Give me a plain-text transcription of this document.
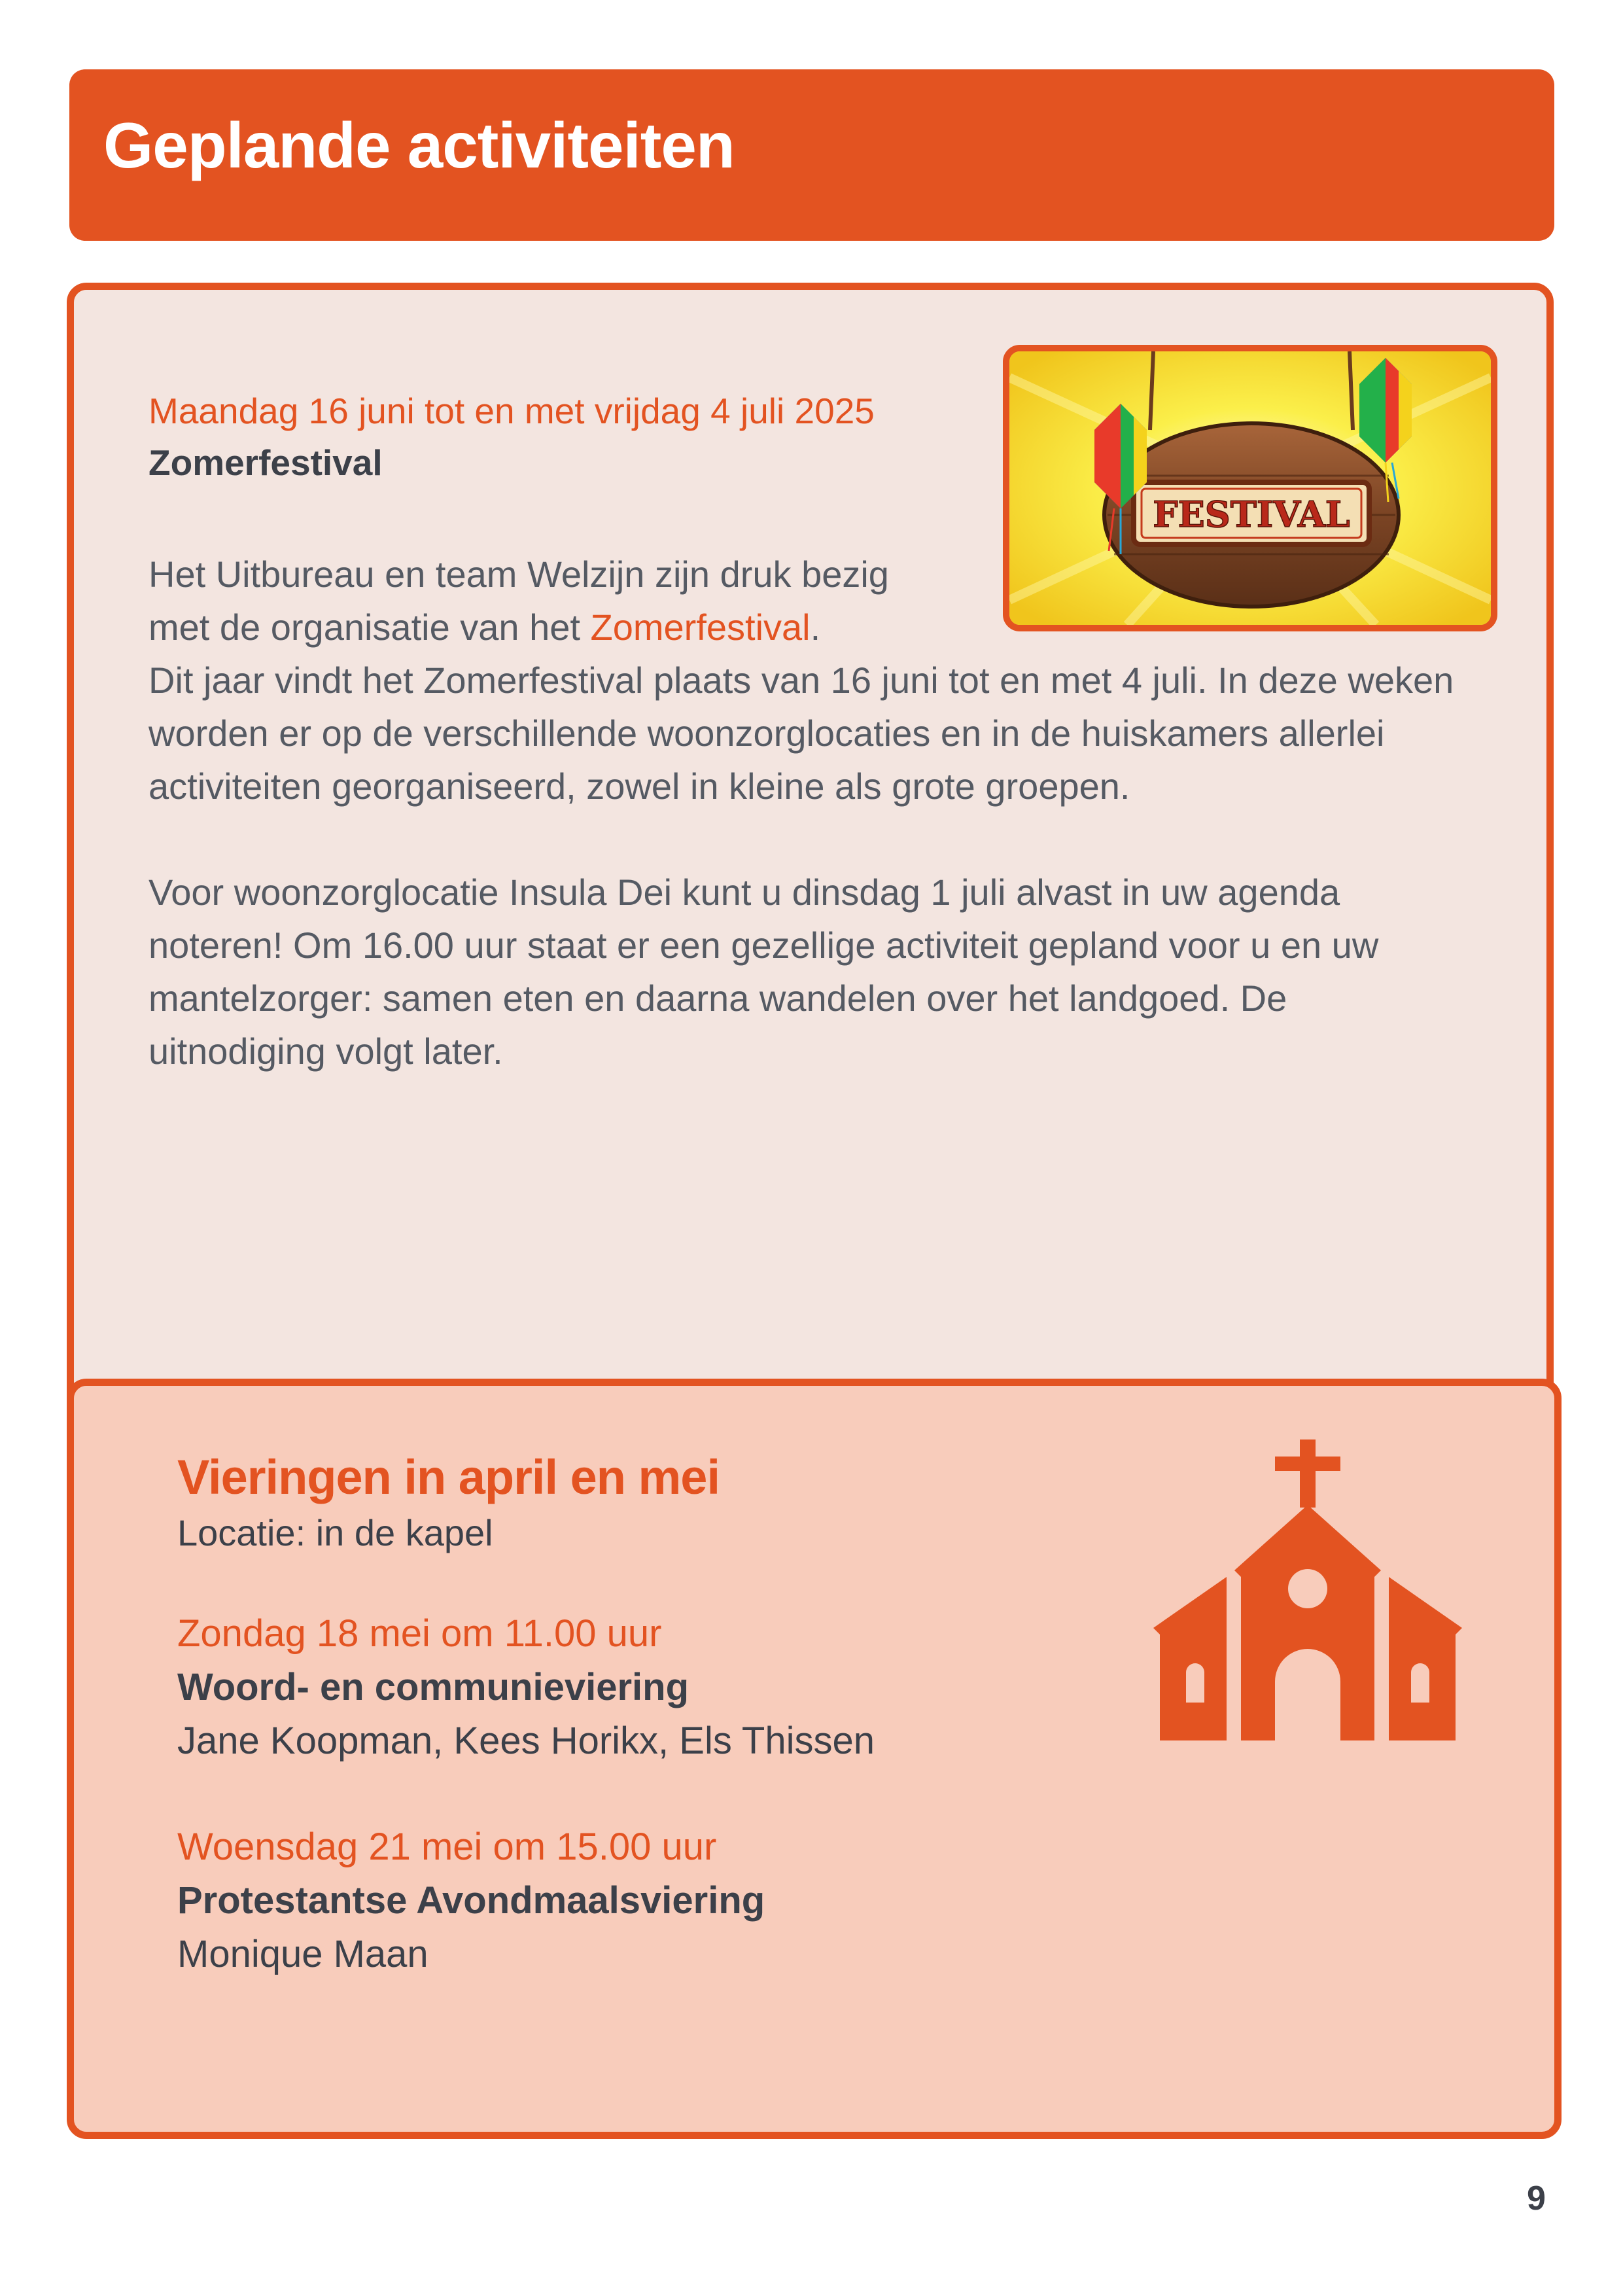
Geplande activiteiten
Maandag 16 juni tot en met vrijdag 4 juli 2025
Zomerfestival
FESTIVAL

Het Uitbureau en team Welzijn zijn druk bezig
met de organisatie van het Zomerfestival.
Dit jaar vindt het Zomerfestival plaats van 16 juni tot en met 4 juli. In deze weken worden er op de verschillende woonzorglocaties en in de huiskamers allerlei activiteiten georganiseerd, zowel in kleine als grote groepen.

Voor woonzorglocatie Insula Dei kunt u dinsdag 1 juli alvast in uw agenda noteren! Om 16.00 uur staat er een gezellige activiteit gepland voor u en uw mantelzorger: samen eten en daarna wandelen over het landgoed. De uitnodiging volgt later.

Vieringen in april en mei
Locatie: in de kapel
Zondag 18 mei om 11.00 uur
Woord- en communieviering
Jane Koopman, Kees Horikx, Els Thissen
Woensdag 21 mei om 15.00 uur
Protestantse Avondmaalsviering
Monique Maan
9
